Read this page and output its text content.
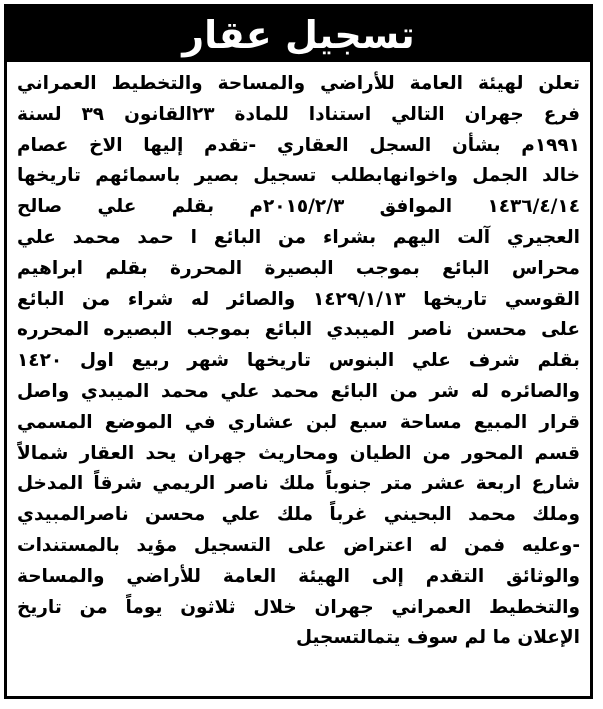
تسجيل عقار
تعلن لهيئة العامة للأراضي والمساحة والتخطيط العمراني
فرع جهران التالي استنادا للمادة ٢٣القانون ٣٩ لسنة
١٩٩١م بشأن السجل العقاري -تقدم إليها الاخ عصام
خالد الجمل واخوانهابطلب تسجيل بصير باسمائهم تاريخها
١٤٣٦/٤/١٤ الموافق ٢٠١٥/٢/٣م بقلم علي صالح
العجيري آلت اليهم بشراء من البائع ا حمد محمد علي
محراس البائع بموجب البصيرة المحررة بقلم ابراهيم
القوسي تاريخها ١٤٢٩/١/١٣ والصائر له شراء من البائع
على محسن ناصر الميبدي البائع بموجب البصيره المحرره
بقلم شرف علي البنوس تاريخها شهر ربيع اول ١٤٢٠
والصائره له شر من البائع محمد علي محمد الميبدي واصل
قرار المبيع مساحة سبع لبن عشاري في الموضع المسمي
قسم المحور من الطيان ومحاريث جهران يحد العقار شمالاً
شارع اربعة عشر متر جنوباً ملك ناصر الريمي شرقاً المدخل
وملك محمد البحيني غرباً ملك علي محسن ناصرالمبيدي
-وعليه فمن له اعتراض على التسجيل مؤيد بالمستندات
والوثائق التقدم إلى الهيئة العامة للأراضي والمساحة
والتخطيط العمراني جهران خلال ثلاثون يوماً من تاريخ
الإعلان ما لم سوف يتمالتسجيل
